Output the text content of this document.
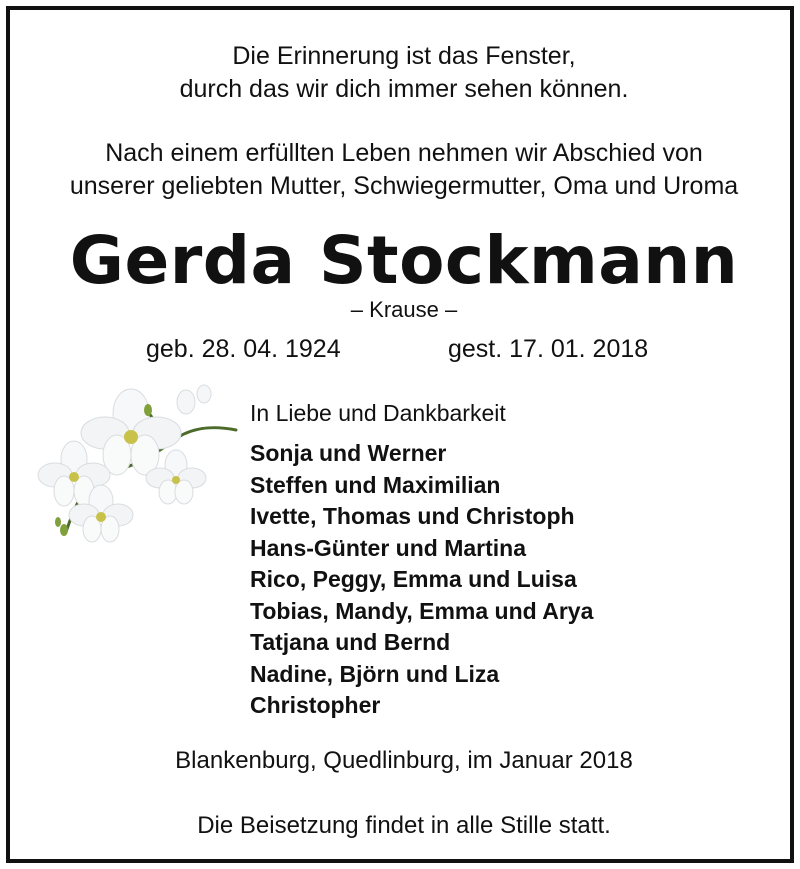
Die Erinnerung ist das Fenster,
durch das wir dich immer sehen können.
Nach einem erfüllten Leben nehmen wir Abschied von
unserer geliebten Mutter, Schwiegermutter, Oma und Uroma
Gerda Stockmann
– Krause –
geb. 28. 04. 1924	gest. 17. 01. 2018
In Liebe und Dankbarkeit
Sonja und Werner
Steffen und Maximilian
Ivette, Thomas und Christoph
Hans-Günter und Martina
Rico, Peggy, Emma und Luisa
Tobias, Mandy, Emma und Arya
Tatjana und Bernd
Nadine, Björn und Liza
Christopher
Blankenburg, Quedlinburg, im Januar 2018
Die Beisetzung findet in alle Stille statt.
